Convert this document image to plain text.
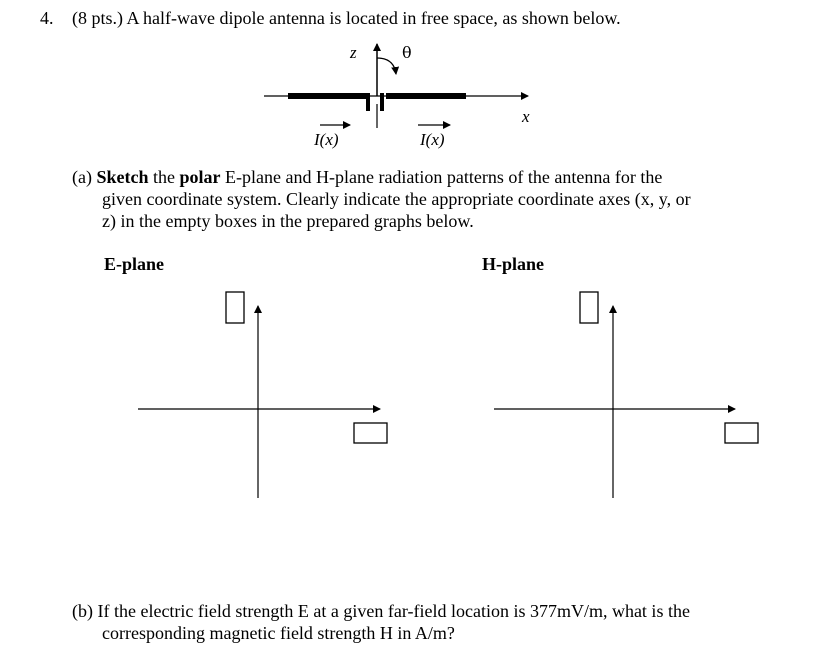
4. (8 pts.) A half-wave dipole antenna is located in free space, as shown below.
z	θ
x
I(x)	I(x)
(a) Sketch the polar E-plane and H-plane radiation patterns of the antenna for the
given coordinate system. Clearly indicate the appropriate coordinate axes (x, y, or
z) in the empty boxes in the prepared graphs below.
E-plane	H-plane
(b) If the electric field strength E at a given far-field location is 377mV/m, what is the
corresponding magnetic field strength H in A/m?
